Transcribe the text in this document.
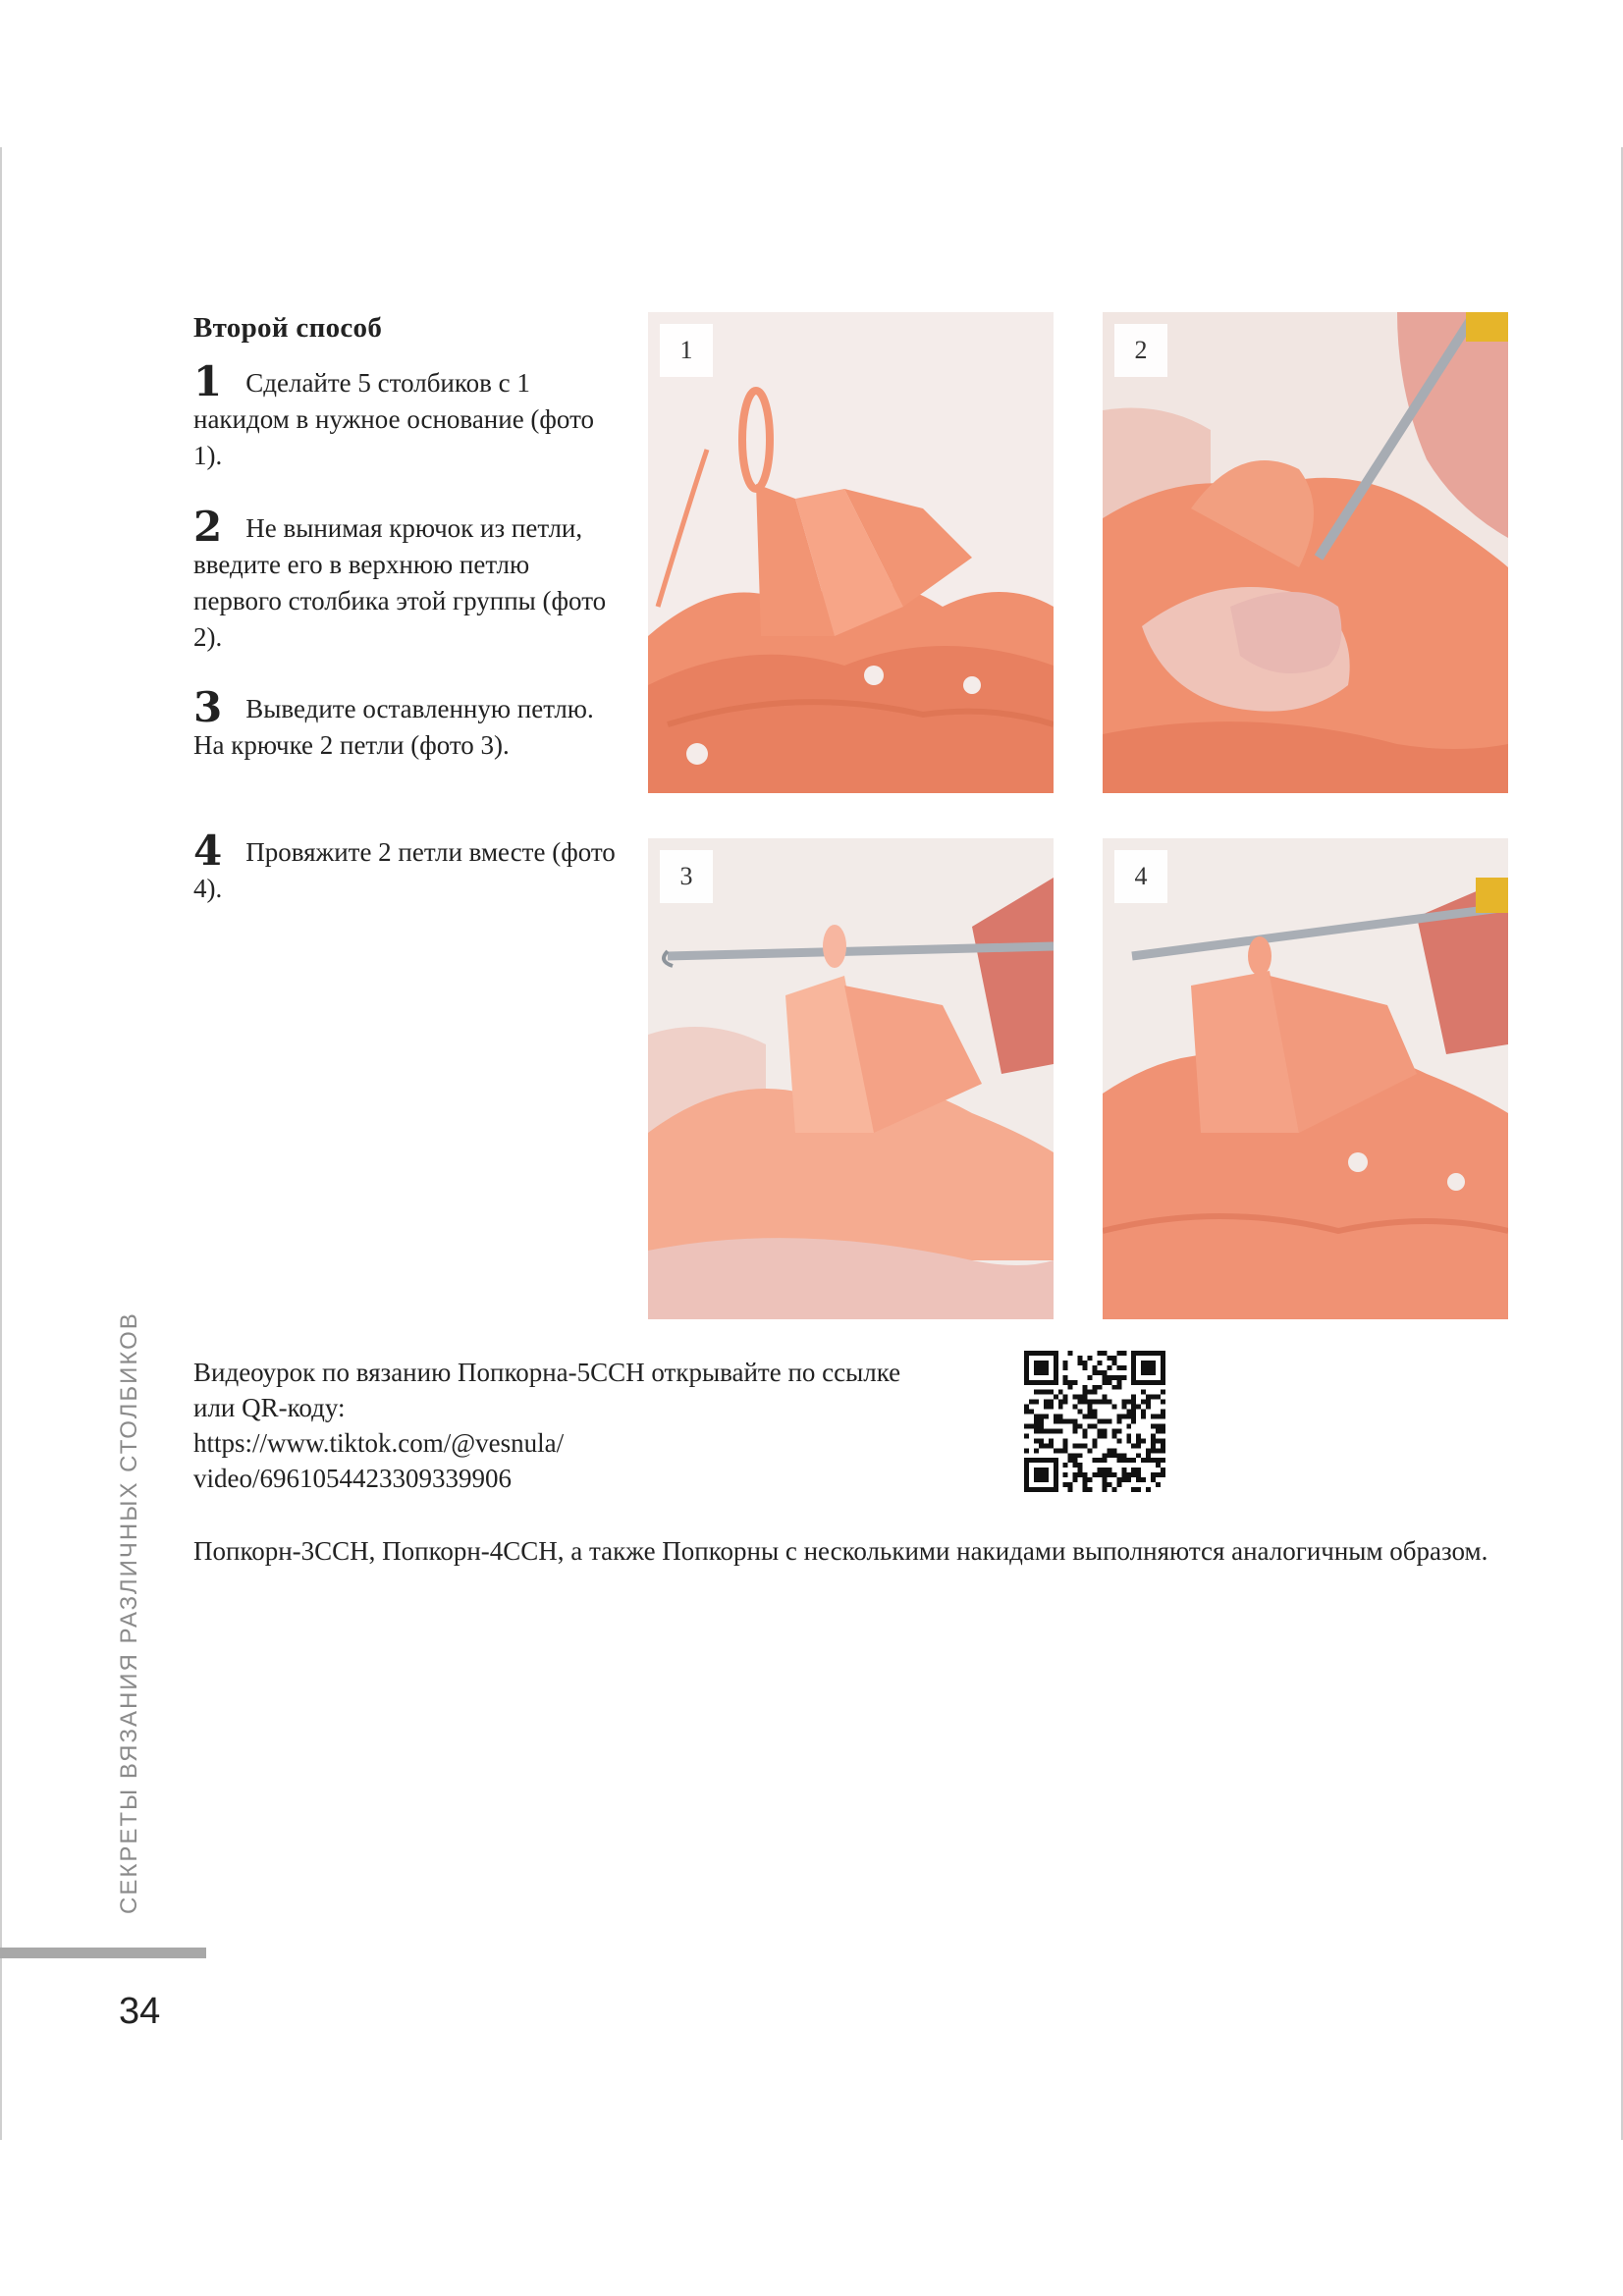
Второй способ
1 Сделайте 5 столбиков с 1 накидом в нужное основание (фото 1).
2 Не вынимая крючок из петли, введите его в верхнюю петлю первого столбика этой группы (фото 2).
3 Выведите оставленную петлю. На крючке 2 петли (фото 3).
4 Провяжите 2 петли вместе (фото 4).
1	2
3	4
Видеоурок по вязанию Попкорна-5ССН открывайте по ссылке
или QR-коду:
https://www.tiktok.com/@vesnula/
video/6961054423309339906
Попкорн-3ССН, Попкорн-4ССН, а также Попкорны с несколькими накидами выполняются аналогичным образом.
СЕКРЕТЫ ВЯЗАНИЯ РАЗЛИЧНЫХ СТОЛБИКОВ
34
